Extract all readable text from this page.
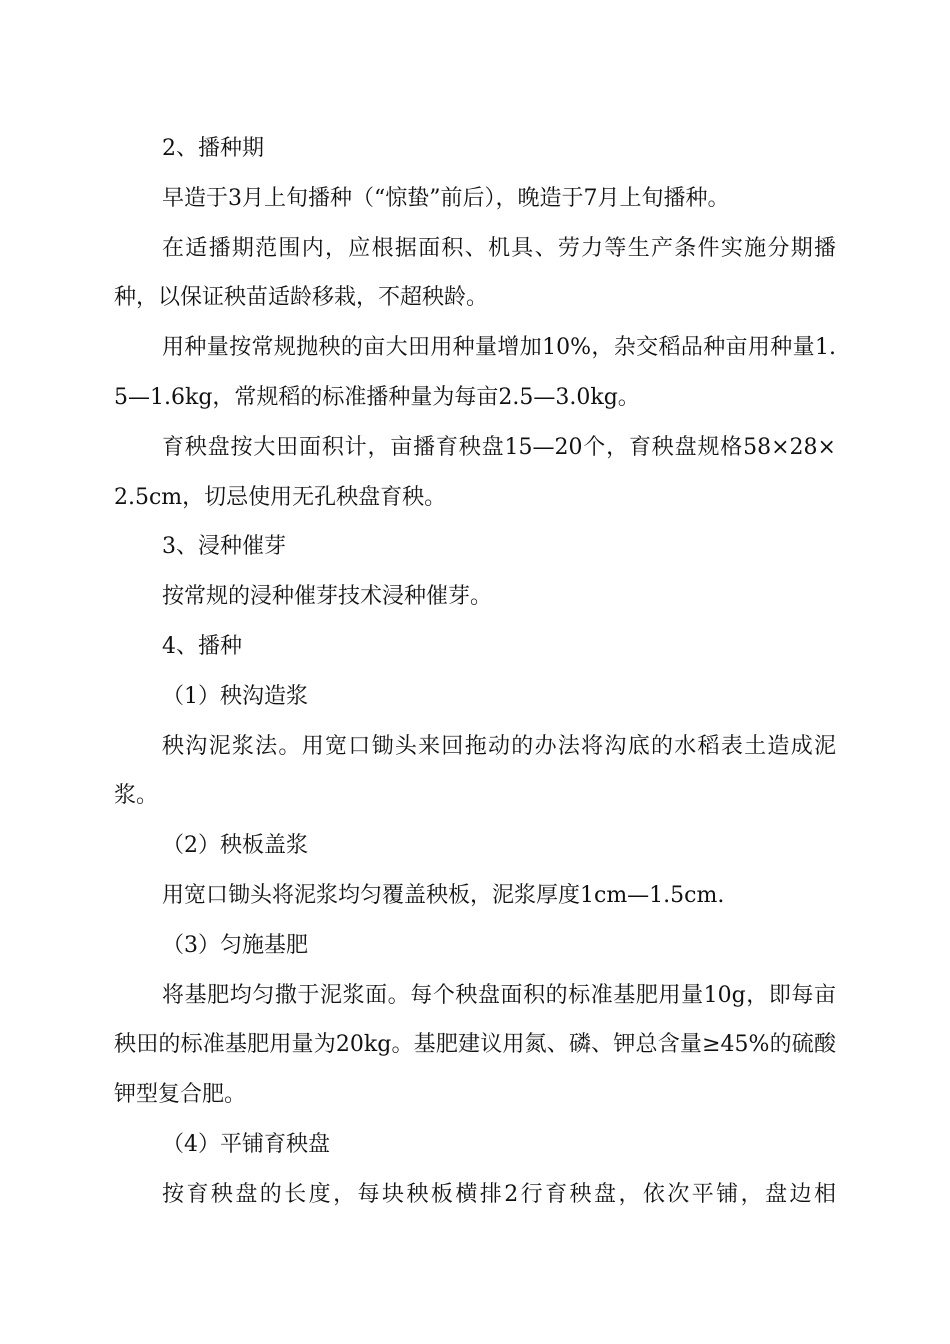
2、播种期

早造于3月上旬播种（“惊蛰”前后），晚造于7月上旬播种。

在适播期范围内，应根据面积、机具、劳力等生产条件实施分期播种，以保证秧苗适龄移栽，不超秧龄。

用种量按常规抛秧的亩大田用种量增加10%，杂交稻品种亩用种量1.5—1.6kg，常规稻的标准播种量为每亩2.5—3.0kg。

育秧盘按大田面积计，亩播育秧盘15—20个，育秧盘规格58×28×2.5cm，切忌使用无孔秧盘育秧。

3、浸种催芽

按常规的浸种催芽技术浸种催芽。

4、播种

（1）秧沟造浆

秧沟泥浆法。用宽口锄头来回拖动的办法将沟底的水稻表土造成泥浆。

（2）秧板盖浆

用宽口锄头将泥浆均匀覆盖秧板，泥浆厚度1cm—1.5cm.

（3）匀施基肥

将基肥均匀撒于泥浆面。每个秧盘面积的标准基肥用量10g，即每亩秧田的标准基肥用量为20kg。基肥建议用氮、磷、钾总含量≥45%的硫酸钾型复合肥。

（4）平铺育秧盘

按育秧盘的长度，每块秧板横排2行育秧盘，依次平铺，盘边相
